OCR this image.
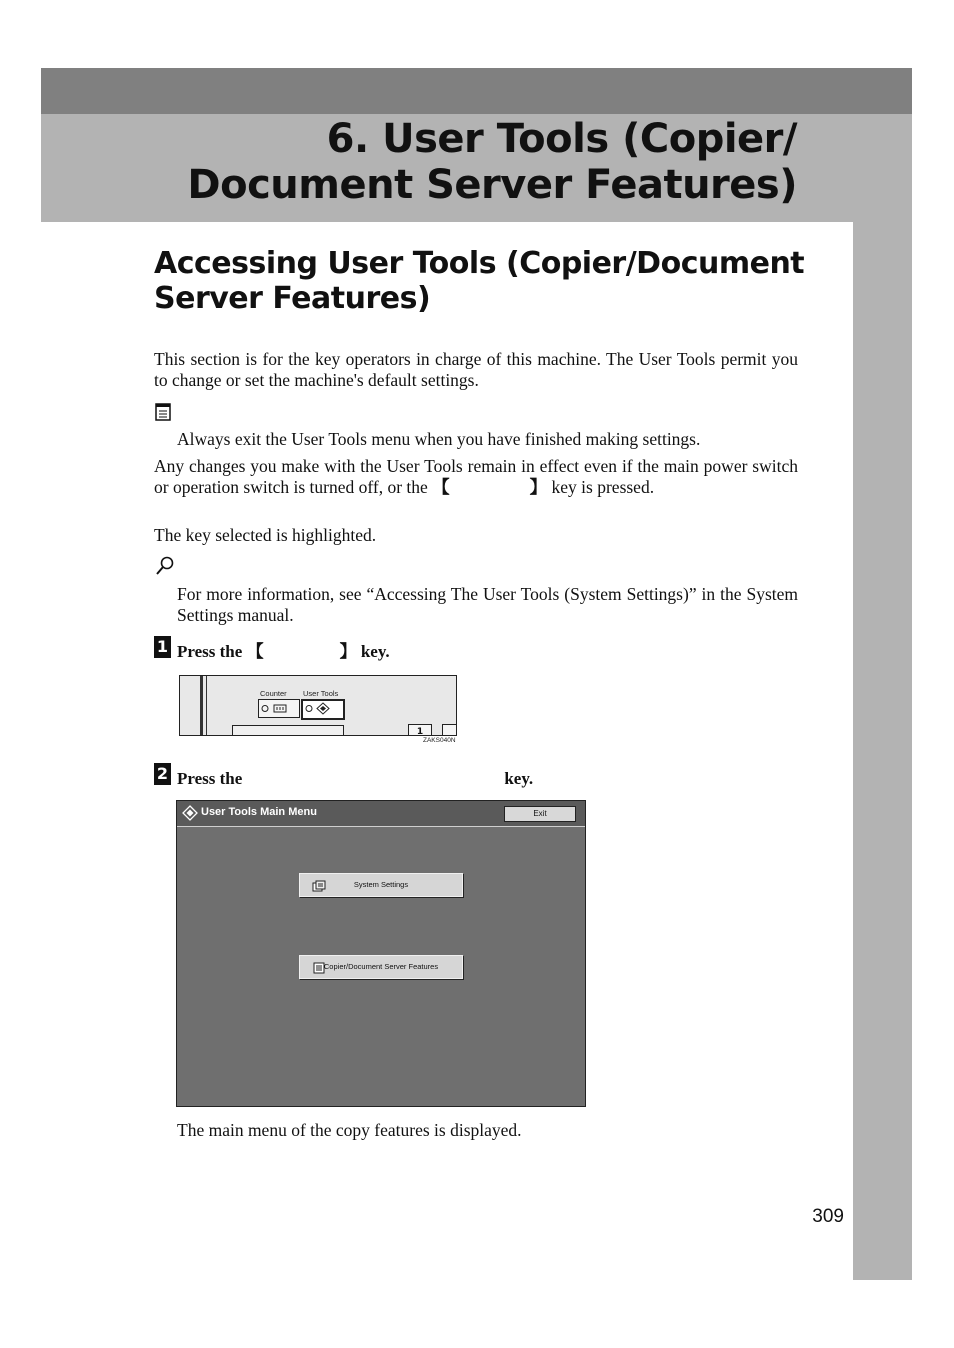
6. User Tools (Copier/
Document Server Features)
Accessing User Tools (Copier/Document
Server Features)
This section is for the key operators in charge of this machine. The User Tools permit you to change or set the machine's default settings.
Always exit the User Tools menu when you have finished making settings.
Any changes you make with the User Tools remain in effect even if the main power switch or operation switch is turned off, or the 【	】 key is pressed.
The key selected is highlighted.
For more information, see “Accessing The User Tools (System Settings)” in the System Settings manual.
1 Press the 【	】 key.
Counter User Tools
1
ZAKS040N
2 Press the	key.
User Tools Main Menu	Exit
System Settings
Copier/Document Server Features
The main menu of the copy features is displayed.
309
